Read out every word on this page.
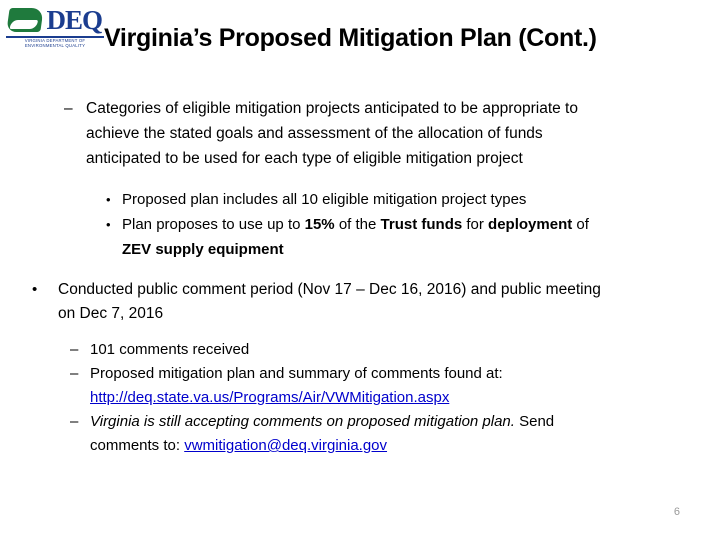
DEQ
VIRGINIA DEPARTMENT OF
ENVIRONMENTAL QUALITY Virginia’s Proposed Mitigation Plan (Cont.)
– Categories of eligible mitigation projects anticipated to be appropriate to
achieve the stated goals and assessment of the allocation of funds
anticipated to be used for each type of eligible mitigation project
• Proposed plan includes all 10 eligible mitigation project types
• Plan proposes to use up to 15% of the Trust funds for deployment of
ZEV supply equipment
• Conducted public comment period (Nov 17 – Dec 16, 2016) and public meeting
on Dec 7, 2016
– 101 comments received
– Proposed mitigation plan and summary of comments found at:
http://deq.state.va.us/Programs/Air/VWMitigation.aspx
– Virginia is still accepting comments on proposed mitigation plan. Send
comments to: vwmitigation@deq.virginia.gov
6
